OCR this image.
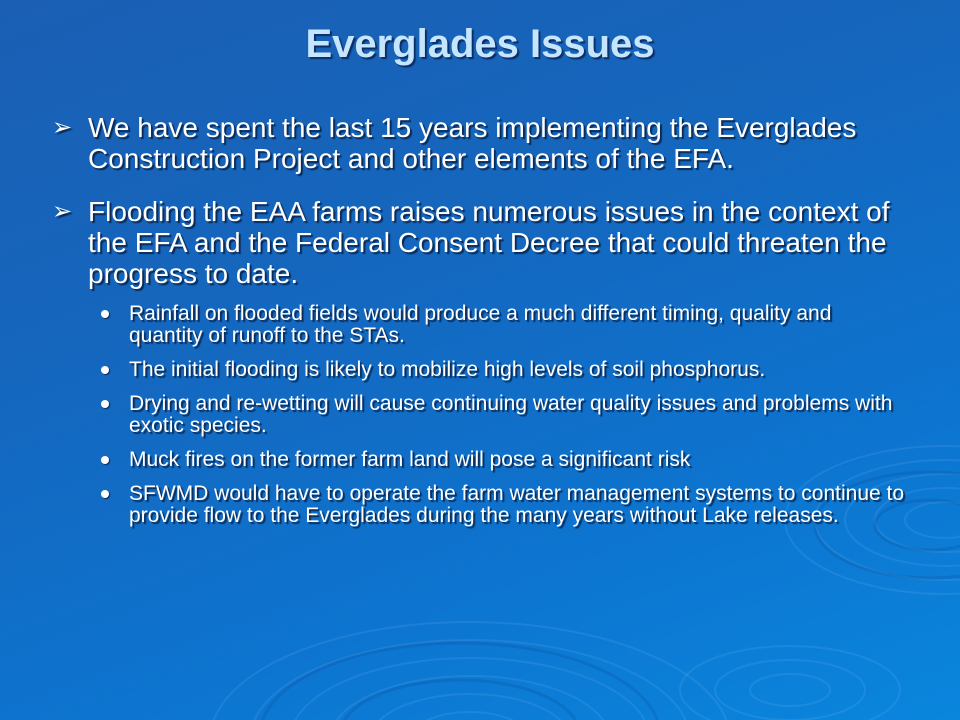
Everglades Issues
➢ We have spent the last 15 years implementing the Everglades Construction Project and other elements of the EFA.
➢ Flooding the EAA farms raises numerous issues in the context of the EFA and the Federal Consent Decree that could threaten the progress to date.
Rainfall on flooded fields would produce a much different timing, quality and quantity of runoff to the STAs.
The initial flooding is likely to mobilize high levels of soil phosphorus.
Drying and re-wetting will cause continuing water quality issues and problems with exotic species.
Muck fires on the former farm land will pose a significant risk
SFWMD would have to operate the farm water management systems to continue to provide flow to the Everglades during the many years without Lake releases.
